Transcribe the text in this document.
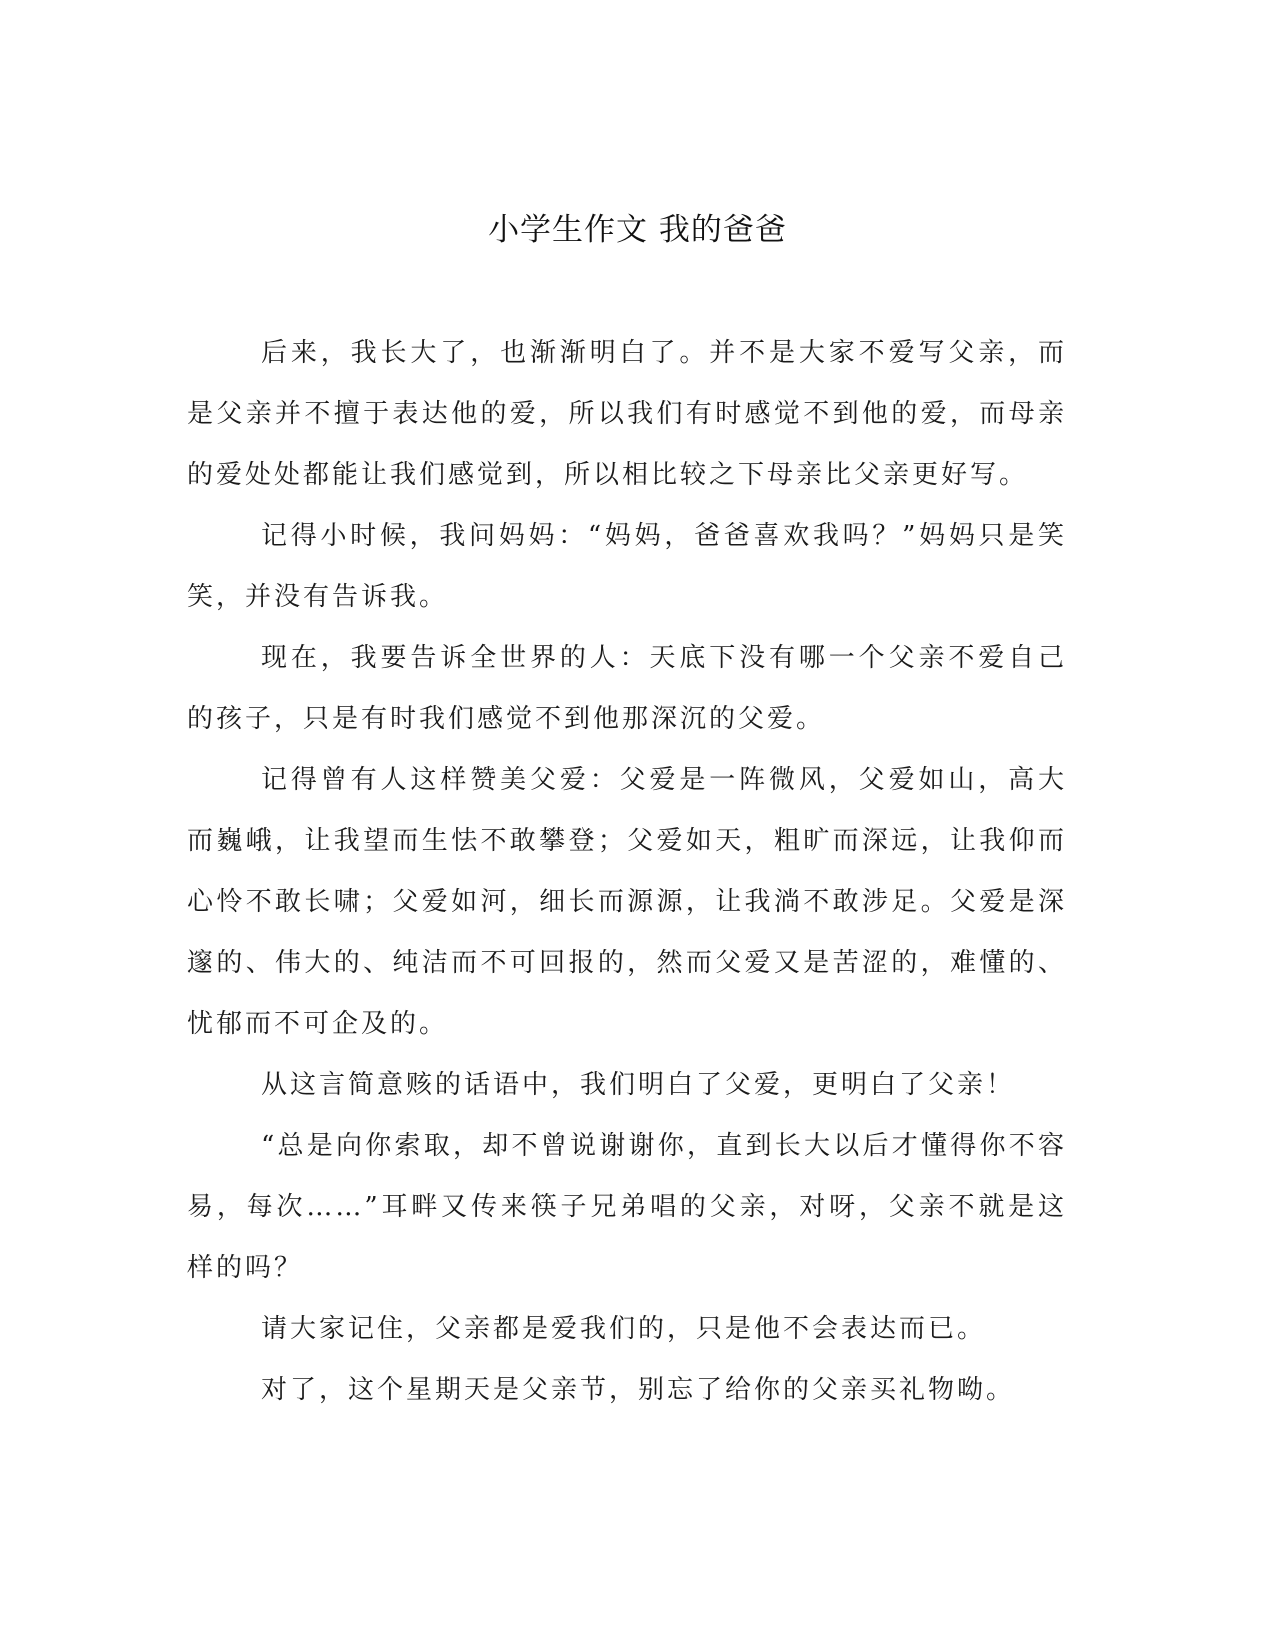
小学生作文 我的爸爸

后来，我长大了，也渐渐明白了。并不是大家不爱写父亲，而是父亲并不擅于表达他的爱，所以我们有时感觉不到他的爱，而母亲的爱处处都能让我们感觉到，所以相比较之下母亲比父亲更好写。

记得小时候，我问妈妈：“妈妈，爸爸喜欢我吗？”妈妈只是笑笑，并没有告诉我。

现在，我要告诉全世界的人：天底下没有哪一个父亲不爱自己的孩子，只是有时我们感觉不到他那深沉的父爱。

记得曾有人这样赞美父爱：父爱是一阵微风，父爱如山，高大而巍峨，让我望而生怯不敢攀登；父爱如天，粗旷而深远，让我仰而心怜不敢长啸；父爱如河，细长而源源，让我淌不敢涉足。父爱是深邃的、伟大的、纯洁而不可回报的，然而父爱又是苦涩的，难懂的、忧郁而不可企及的。

从这言简意赅的话语中，我们明白了父爱，更明白了父亲！

“总是向你索取，却不曾说谢谢你，直到长大以后才懂得你不容易，每次……”耳畔又传来筷子兄弟唱的父亲，对呀，父亲不就是这样的吗？

请大家记住，父亲都是爱我们的，只是他不会表达而已。

对了，这个星期天是父亲节，别忘了给你的父亲买礼物呦。
